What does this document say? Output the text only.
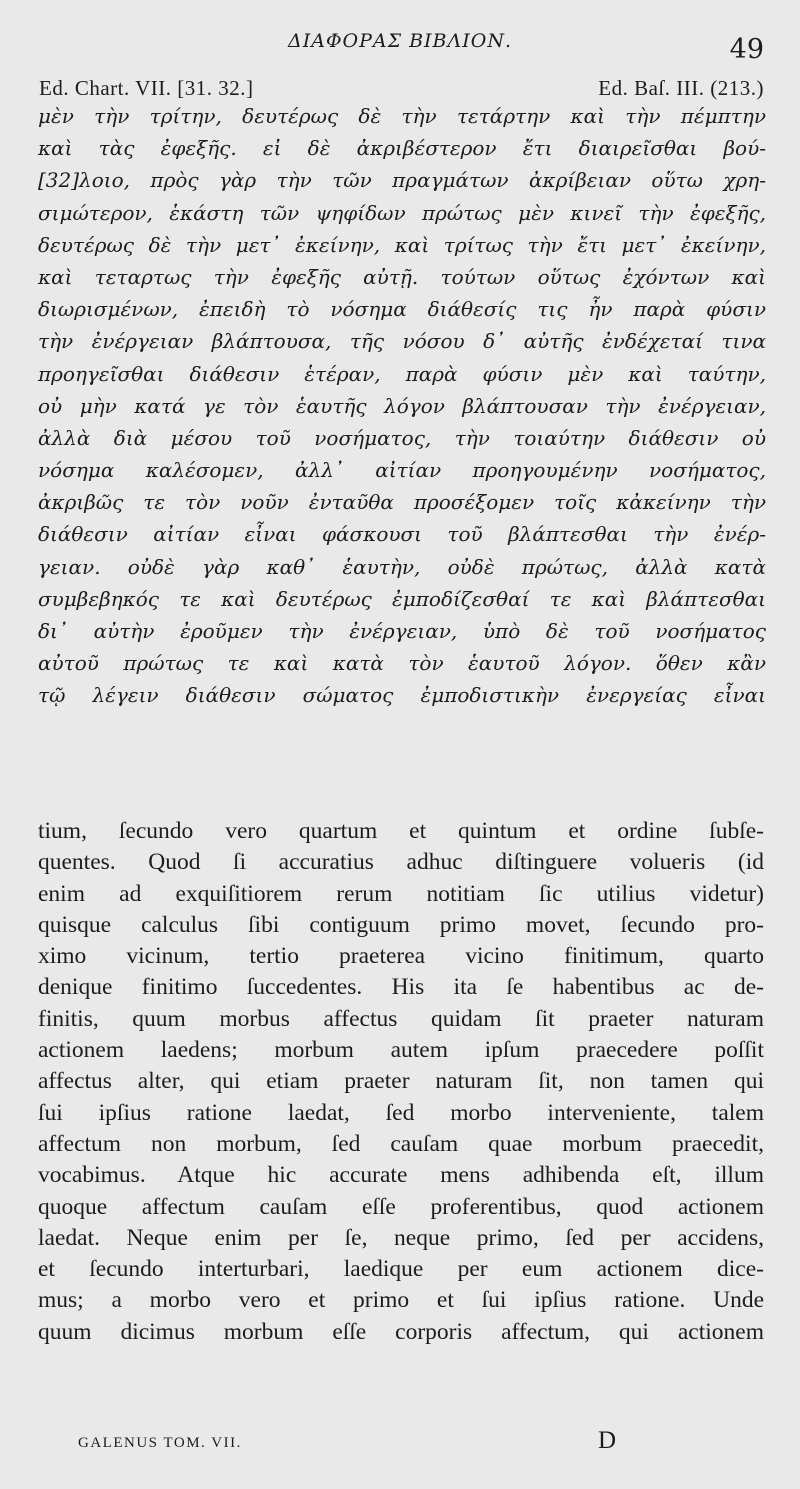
ΔΙΑΦΟΡΑΣ ΒΙΒΛΙΟΝ.	49
Ed. Chart. VII. [31. 32.]	Ed. Baſ. III. (213.)
μὲν τὴν τρίτην, δευτέρως δὲ τὴν τετάρτην καὶ τὴν πέμπτην
καὶ τὰς ἐφεξῆς. εἰ δὲ ἀκριβέστερον ἔτι διαιρεῖσθαι βού-
[32]λοιο, πρὸς γὰρ τὴν τῶν πραγμάτων ἀκρίβειαν οὕτω χρη-
σιμώτερον, ἑκάστη τῶν ψηφίδων πρώτως μὲν κινεῖ τὴν ἐφεξῆς,
δευτέρως δὲ τὴν μετ᾽ ἐκείνην, καὶ τρίτως τὴν ἔτι μετ᾽ ἐκείνην,
καὶ τεταρτως τὴν ἐφεξῆς αὐτῇ. τούτων οὕτως ἐχόντων καὶ
διωρισμένων, ἐπειδὴ τὸ νόσημα διάθεσίς τις ἦν παρὰ φύσιν
τὴν ἐνέργειαν βλάπτουσα, τῆς νόσου δ᾽ αὐτῆς ἐνδέχεταί τινα
προηγεῖσθαι διάθεσιν ἑτέραν, παρὰ φύσιν μὲν καὶ ταύτην,
οὐ μὴν κατά γε τὸν ἑαυτῆς λόγον βλάπτουσαν τὴν ἐνέργειαν,
ἀλλὰ διὰ μέσου τοῦ νοσήματος, τὴν τοιαύτην διάθεσιν οὐ
νόσημα καλέσομεν, ἀλλ᾽ αἰτίαν προηγουμένην νοσήματος,
ἀκριβῶς τε τὸν νοῦν ἐνταῦθα προσέξομεν τοῖς κἀκείνην τὴν
διάθεσιν αἰτίαν εἶναι φάσκουσι τοῦ βλάπτεσθαι τὴν ἐνέρ-
γειαν. οὐδὲ γὰρ καθ᾽ ἑαυτὴν, οὐδὲ πρώτως, ἀλλὰ κατὰ
συμβεβηκός τε καὶ δευτέρως ἐμποδίζεσθαί τε καὶ βλάπτεσθαι
δι᾽ αὐτὴν ἐροῦμεν τὴν ἐνέργειαν, ὑπὸ δὲ τοῦ νοσήματος
αὐτοῦ πρώτως τε καὶ κατὰ τὸν ἑαυτοῦ λόγον. ὅθεν κἂν
τῷ λέγειν διάθεσιν σώματος ἐμποδιστικὴν ἐνεργείας εἶναι
tium, ſecundo vero quartum et quintum et ordine ſubſe-
quentes. Quod ſi accuratius adhuc diſtinguere volueris (id
enim ad exquiſitiorem rerum notitiam ſic utilius videtur)
quisque calculus ſibi contiguum primo movet, ſecundo pro-
ximo vicinum, tertio praeterea vicino finitimum, quarto
denique finitimo ſuccedentes. His ita ſe habentibus ac de-
finitis, quum morbus affectus quidam ſit praeter naturam
actionem laedens; morbum autem ipſum praecedere poſſit
affectus alter, qui etiam praeter naturam ſit, non tamen qui
ſui ipſius ratione laedat, ſed morbo interveniente, talem
affectum non morbum, ſed cauſam quae morbum praecedit,
vocabimus. Atque hic accurate mens adhibenda eſt, illum
quoque affectum cauſam eſſe proferentibus, quod actionem
laedat. Neque enim per ſe, neque primo, ſed per accidens,
et ſecundo interturbari, laedique per eum actionem dice-
mus; a morbo vero et primo et ſui ipſius ratione. Unde
quum dicimus morbum eſſe corporis affectum, qui actionem
GALENUS TOM. VII.	D
